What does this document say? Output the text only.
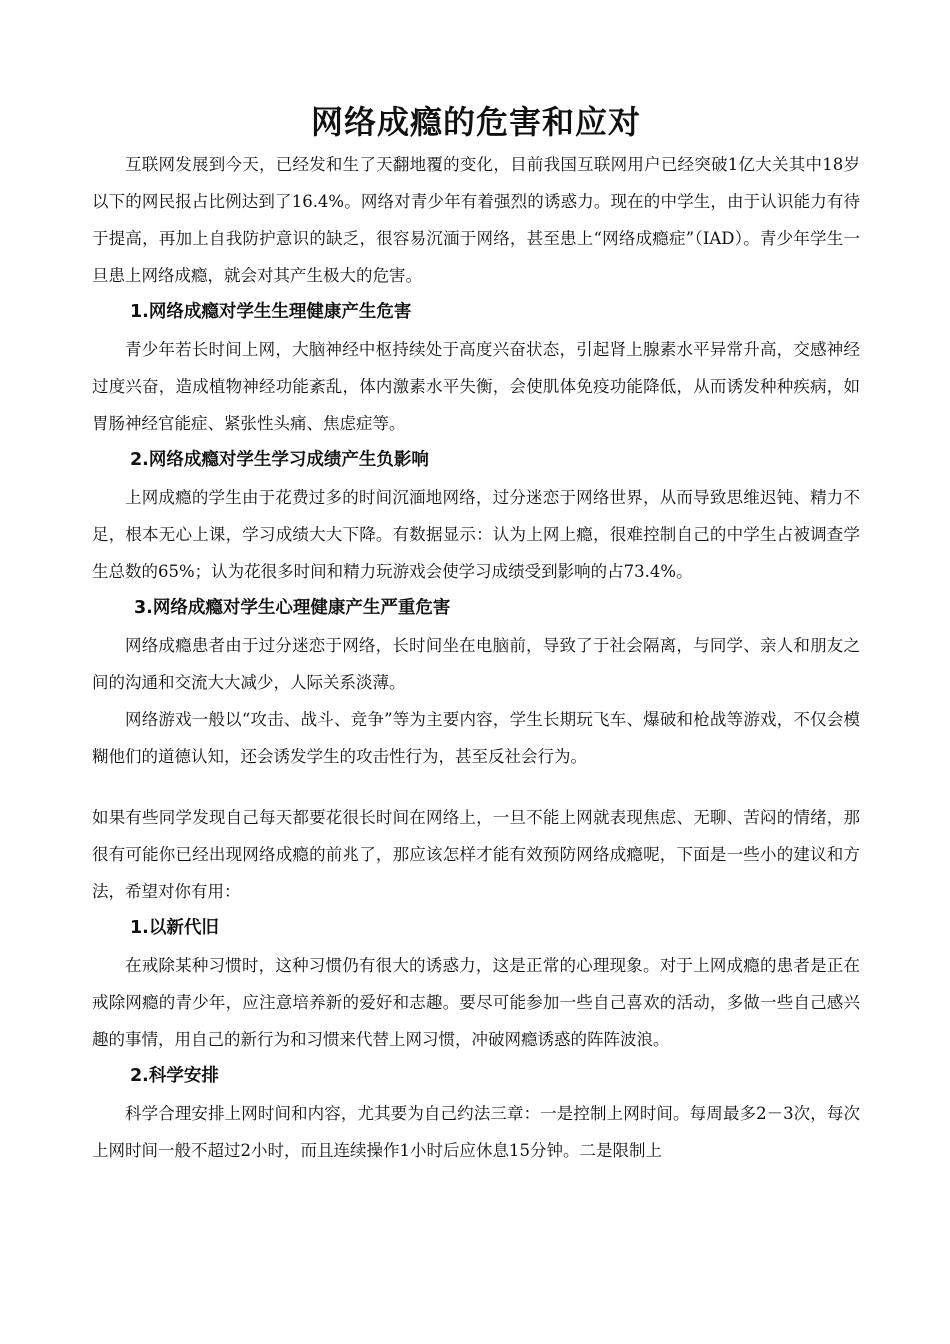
网络成瘾的危害和应对

互联网发展到今天，已经发和生了天翻地覆的变化，目前我国互联网用户已经突破1亿大关其中18岁以下的网民报占比例达到了16.4%。网络对青少年有着强烈的诱惑力。现在的中学生，由于认识能力有待于提高，再加上自我防护意识的缺乏，很容易沉湎于网络，甚至患上“网络成瘾症”（IAD）。青少年学生一旦患上网络成瘾，就会对其产生极大的危害。

1.网络成瘾对学生生理健康产生危害

青少年若长时间上网，大脑神经中枢持续处于高度兴奋状态，引起肾上腺素水平异常升高，交感神经过度兴奋，造成植物神经功能紊乱，体内激素水平失衡，会使肌体免疫功能降低，从而诱发种种疾病，如胃肠神经官能症、紧张性头痛、焦虑症等。

2.网络成瘾对学生学习成绩产生负影响

上网成瘾的学生由于花费过多的时间沉湎地网络，过分迷恋于网络世界，从而导致思维迟钝、精力不足，根本无心上课，学习成绩大大下降。有数据显示：认为上网上瘾，很难控制自己的中学生占被调查学生总数的65%；认为花很多时间和精力玩游戏会使学习成绩受到影响的占73.4%。

3.网络成瘾对学生心理健康产生严重危害

网络成瘾患者由于过分迷恋于网络，长时间坐在电脑前，导致了于社会隔离，与同学、亲人和朋友之间的沟通和交流大大减少，人际关系淡薄。

网络游戏一般以“攻击、战斗、竞争”等为主要内容，学生长期玩飞车、爆破和枪战等游戏，不仅会模糊他们的道德认知，还会诱发学生的攻击性行为，甚至反社会行为。

如果有些同学发现自己每天都要花很长时间在网络上，一旦不能上网就表现焦虑、无聊、苦闷的情绪，那很有可能你已经出现网络成瘾的前兆了，那应该怎样才能有效预防网络成瘾呢，下面是一些小的建议和方法，希望对你有用：

1.以新代旧

在戒除某种习惯时，这种习惯仍有很大的诱惑力，这是正常的心理现象。对于上网成瘾的患者是正在戒除网瘾的青少年，应注意培养新的爱好和志趣。要尽可能参加一些自己喜欢的活动，多做一些自己感兴趣的事情，用自己的新行为和习惯来代替上网习惯，冲破网瘾诱惑的阵阵波浪。

2.科学安排

科学合理安排上网时间和内容，尤其要为自己约法三章：一是控制上网时间。每周最多2－3次，每次上网时间一般不超过2小时，而且连续操作1小时后应休息15分钟。二是限制上
